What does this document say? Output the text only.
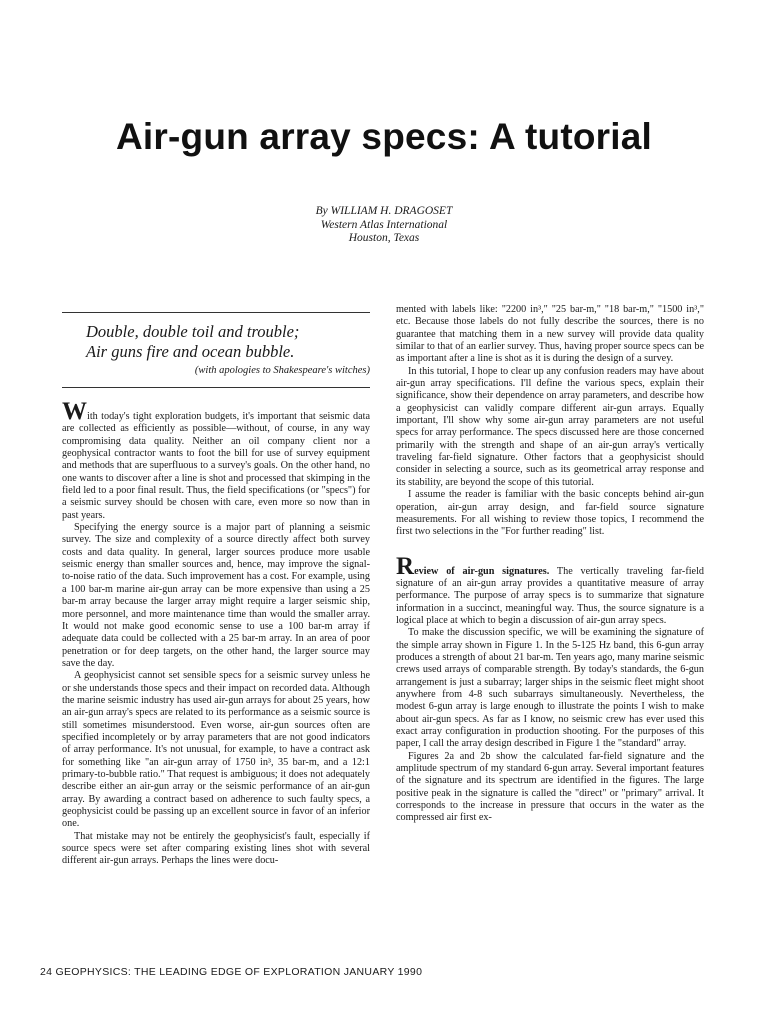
Air-gun array specs: A tutorial
By WILLIAM H. DRAGOSET
Western Atlas International
Houston, Texas
Double, double toil and trouble;
Air guns fire and ocean bubble.
(with apologies to Shakespeare's witches)

With today's tight exploration budgets, it's important that seismic data are collected as efficiently as possible—without, of course, in any way compromising data quality. Neither an oil company client nor a geophysical contractor wants to foot the bill for use of survey equipment and methods that are superfluous to a survey's goals. On the other hand, no one wants to discover after a line is shot and processed that skimping in the field led to a poor final result. Thus, the field specifications (or "specs") for a seismic survey should be chosen with care, even more so now than in past years.

Specifying the energy source is a major part of planning a seismic survey. The size and complexity of a source directly affect both survey costs and data quality. In general, larger sources produce more usable seismic energy than smaller sources and, hence, may improve the signal-to-noise ratio of the data. Such improvement has a cost. For example, using a 100 bar-m marine air-gun array can be more expensive than using a 25 bar-m array because the larger array might require a larger seismic ship, more personnel, and more maintenance time than would the smaller array. It would not make good economic sense to use a 100 bar-m array if adequate data could be collected with a 25 bar-m array. In an area of poor penetration or for deep targets, on the other hand, the larger source may save the day.

A geophysicist cannot set sensible specs for a seismic survey unless he or she understands those specs and their impact on recorded data. Although the marine seismic industry has used air-gun arrays for about 25 years, how an air-gun array's specs are related to its performance as a seismic source is still sometimes misunderstood. Even worse, air-gun sources often are specified incompletely or by array parameters that are not good indicators of array performance. It's not unusual, for example, to have a contract ask for something like "an air-gun array of 1750 in³, 35 bar-m, and a 12:1 primary-to-bubble ratio." That request is ambiguous; it does not adequately describe either an air-gun array or the seismic performance of an air-gun array. By awarding a contract based on adherence to such faulty specs, a geophysicist could be passing up an excellent source in favor of an inferior one.

That mistake may not be entirely the geophysicist's fault, especially if source specs were set after comparing existing lines shot with several different air-gun arrays. Perhaps the lines were docu-

mented with labels like: "2200 in³," "25 bar-m," "18 bar-m," "1500 in³," etc. Because those labels do not fully describe the sources, there is no guarantee that matching them in a new survey will provide data quality similar to that of an earlier survey. Thus, having proper source specs can be as important after a line is shot as it is during the design of a survey.

In this tutorial, I hope to clear up any confusion readers may have about air-gun array specifications. I'll define the various specs, explain their significance, show their dependence on array parameters, and describe how a geophysicist can validly compare different air-gun arrays. Equally important, I'll show why some air-gun array parameters are not useful specs for array performance. The specs discussed here are those concerned primarily with the strength and shape of an air-gun array's vertically traveling far-field signature. Other factors that a geophysicist should consider in selecting a source, such as its geometrical array response and its stability, are beyond the scope of this tutorial.

I assume the reader is familiar with the basic concepts behind air-gun operation, air-gun array design, and far-field source signature measurements. For all wishing to review those topics, I recommend the first two selections in the "For further reading" list.

Review of air-gun signatures. The vertically traveling far-field signature of an air-gun array provides a quantitative measure of array performance. The purpose of array specs is to summarize that signature information in a succinct, meaningful way. Thus, the source signature is a logical place at which to begin a discussion of air-gun array specs.

To make the discussion specific, we will be examining the signature of the simple array shown in Figure 1. In the 5-125 Hz band, this 6-gun array produces a strength of about 21 bar-m. Ten years ago, many marine seismic crews used arrays of comparable strength. By today's standards, the 6-gun arrangement is just a subarray; larger ships in the seismic fleet might shoot anywhere from 4-8 such subarrays simultaneously. Nevertheless, the modest 6-gun array is large enough to illustrate the points I wish to make about air-gun specs. As far as I know, no seismic crew has ever used this exact array configuration in production shooting. For the purposes of this paper, I call the array design described in Figure 1 the "standard" array.

Figures 2a and 2b show the calculated far-field signature and the amplitude spectrum of my standard 6-gun array. Several important features of the signature and its spectrum are identified in the figures. The large positive peak in the signature is called the "direct" or "primary" arrival. It corresponds to the increase in pressure that occurs in the water as the compressed air first ex-

24 GEOPHYSICS: THE LEADING EDGE OF EXPLORATION JANUARY 1990
